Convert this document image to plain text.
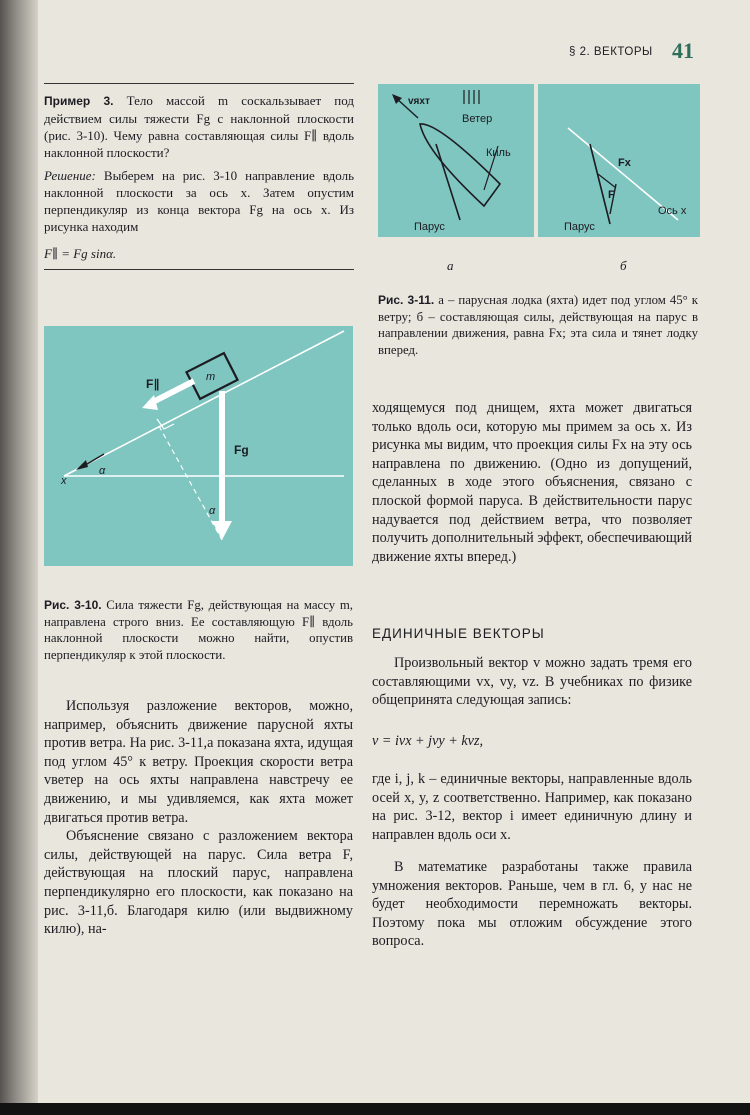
§ 2. ВЕКТОРЫ 41
Пример 3. Тело массой m соскальзывает под действием силы тяжести Fg с наклонной плоскости (рис. 3-10). Чему равна составляющая силы F∥ вдоль наклонной плоскости?
Решение: Выберем на рис. 3-10 направление вдоль наклонной плоскости за ось x. Затем опустим перпендикуляр из конца вектора Fg на ось x. Из рисунка находим
F∥ = Fg sinα.
m
F∥
Fg
α
α
x
Рис. 3-10. Сила тяжести Fg, действующая на массу m, направлена строго вниз. Ее составляющую F∥ вдоль наклонной плоскости можно найти, опустив перпендикуляр к этой плоскости.

Используя разложение векторов, можно, например, объяснить движение парусной яхты против ветра. На рис. 3-11,а показана яхта, идущая под углом 45° к ветру. Проекция скорости ветра vветер на ось яхты направлена навстречу ее движению, и мы удивляемся, как яхта может двигаться против ветра.

Объяснение связано с разложением вектора силы, действующей на парус. Сила ветра F, действующая на плоский парус, направлена перпендикулярно его плоскости, как показано на рис. 3-11,б. Благодаря килю (или выдвижному килю), на-

vяхт
Ветер
Киль
Парус
Fx
F
Ось x
Парус
а	б
Рис. 3-11. а – парусная лодка (яхта) идет под углом 45° к ветру; б – составляющая силы, действующая на парус в направлении движения, равна Fx; эта сила и тянет лодку вперед.
ходящемуся под днищем, яхта может двигаться только вдоль оси, которую мы примем за ось x. Из рисунка мы видим, что проекция силы Fx на эту ось направлена по движению. (Одно из допущений, сделанных в ходе этого объяснения, связано с плоской формой паруса. В действительности парус надувается под действием ветра, что позволяет получить дополнительный эффект, обеспечивающий движение яхты вперед.)
ЕДИНИЧНЫЕ ВЕКТОРЫ

Произвольный вектор v можно задать тремя его составляющими vx, vy, vz. В учебниках по физике общепринята следующая запись:

v = ivx + jvy + kvz,

где i, j, k – единичные векторы, направленные вдоль осей x, y, z соответственно. Например, как показано на рис. 3-12, вектор i имеет единичную длину и направлен вдоль оси x.

В математике разработаны также правила умножения векторов. Раньше, чем в гл. 6, у нас не будет необходимости перемножать векторы. Поэтому пока мы отложим обсуждение этого вопроса.
